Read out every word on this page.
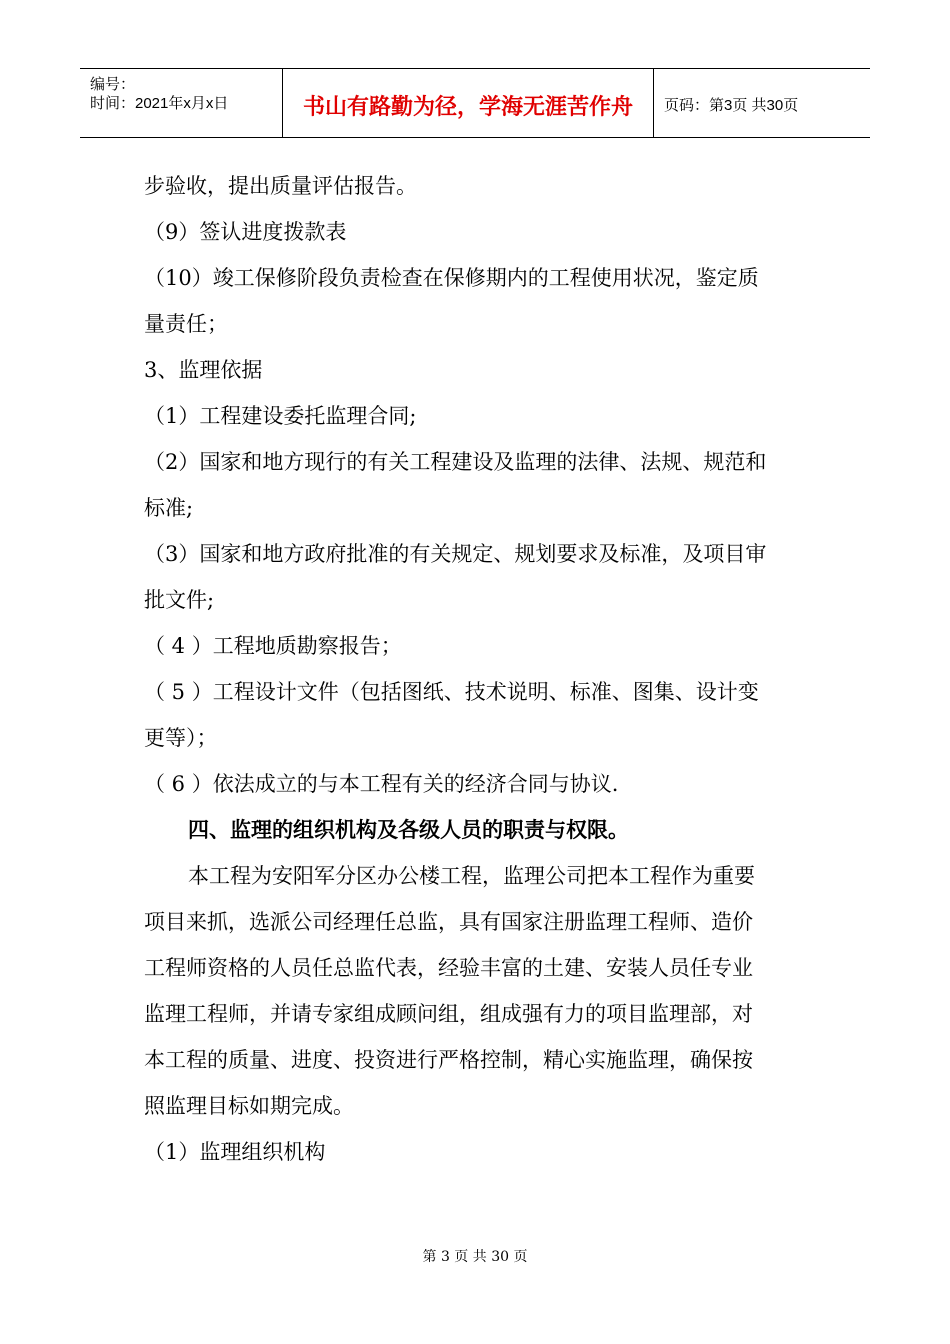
编号：
时间：2021年x月x日	书山有路勤为径，学海无涯苦作舟	页码：第3页 共30页
步验收，提出质量评估报告。
（9）签认进度拨款表
（10）竣工保修阶段负责检查在保修期内的工程使用状况，鉴定质
量责任；
3、监理依据
（1）工程建设委托监理合同;
（2）国家和地方现行的有关工程建设及监理的法律、法规、规范和
标准;
（3）国家和地方政府批准的有关规定、规划要求及标准，及项目审
批文件;
（ 4 ）工程地质勘察报告；
（ 5 ）工程设计文件（包括图纸、技术说明、标准、图集、设计变
更等）；
（ 6 ）依法成立的与本工程有关的经济合同与协议.
四、监理的组织机构及各级人员的职责与权限。
本工程为安阳军分区办公楼工程，监理公司把本工程作为重要
项目来抓，选派公司经理任总监，具有国家注册监理工程师、造价
工程师资格的人员任总监代表，经验丰富的土建、安装人员任专业
监理工程师，并请专家组成顾问组，组成强有力的项目监理部，对
本工程的质量、进度、投资进行严格控制，精心实施监理，确保按
照监理目标如期完成。
（1）监理组织机构
第 3 页 共 30 页
